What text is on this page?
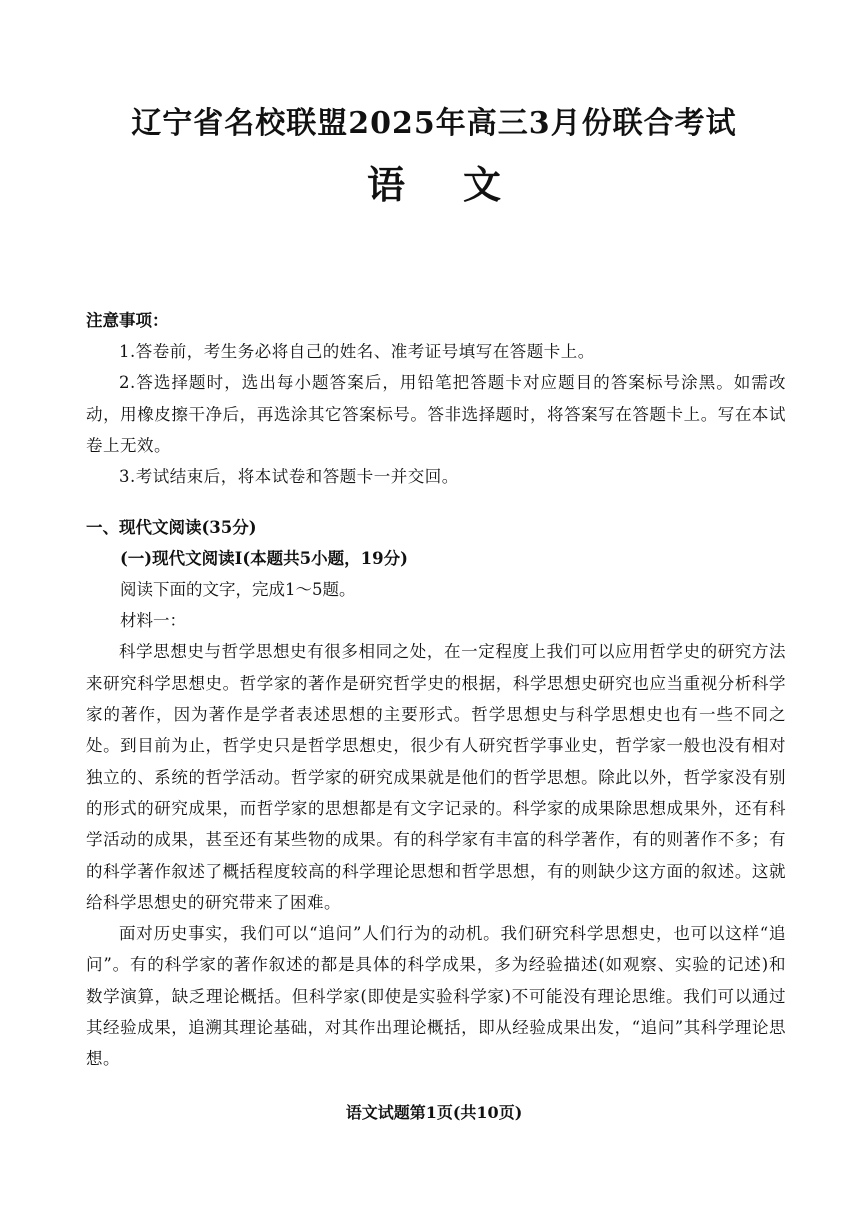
辽宁省名校联盟2025年高三3月份联合考试
语文

注意事项：

1.答卷前，考生务必将自己的姓名、准考证号填写在答题卡上。

2.答选择题时，选出每小题答案后，用铅笔把答题卡对应题目的答案标号涂黑。如需改动，用橡皮擦干净后，再选涂其它答案标号。答非选择题时，将答案写在答题卡上。写在本试卷上无效。

3.考试结束后，将本试卷和答题卡一并交回。

一、现代文阅读(35分)

(一)现代文阅读Ⅰ(本题共5小题，19分)

阅读下面的文字，完成1～5题。

材料一：

科学思想史与哲学思想史有很多相同之处，在一定程度上我们可以应用哲学史的研究方法来研究科学思想史。哲学家的著作是研究哲学史的根据，科学思想史研究也应当重视分析科学家的著作，因为著作是学者表述思想的主要形式。哲学思想史与科学思想史也有一些不同之处。到目前为止，哲学史只是哲学思想史，很少有人研究哲学事业史，哲学家一般也没有相对独立的、系统的哲学活动。哲学家的研究成果就是他们的哲学思想。除此以外，哲学家没有别的形式的研究成果，而哲学家的思想都是有文字记录的。科学家的成果除思想成果外，还有科学活动的成果，甚至还有某些物的成果。有的科学家有丰富的科学著作，有的则著作不多；有的科学著作叙述了概括程度较高的科学理论思想和哲学思想，有的则缺少这方面的叙述。这就给科学思想史的研究带来了困难。

面对历史事实，我们可以“追问”人们行为的动机。我们研究科学思想史，也可以这样“追问”。有的科学家的著作叙述的都是具体的科学成果，多为经验描述(如观察、实验的记述)和数学演算，缺乏理论概括。但科学家(即使是实验科学家)不可能没有理论思维。我们可以通过其经验成果，追溯其理论基础，对其作出理论概括，即从经验成果出发，“追问”其科学理论思想。

语文试题第1页(共10页)
